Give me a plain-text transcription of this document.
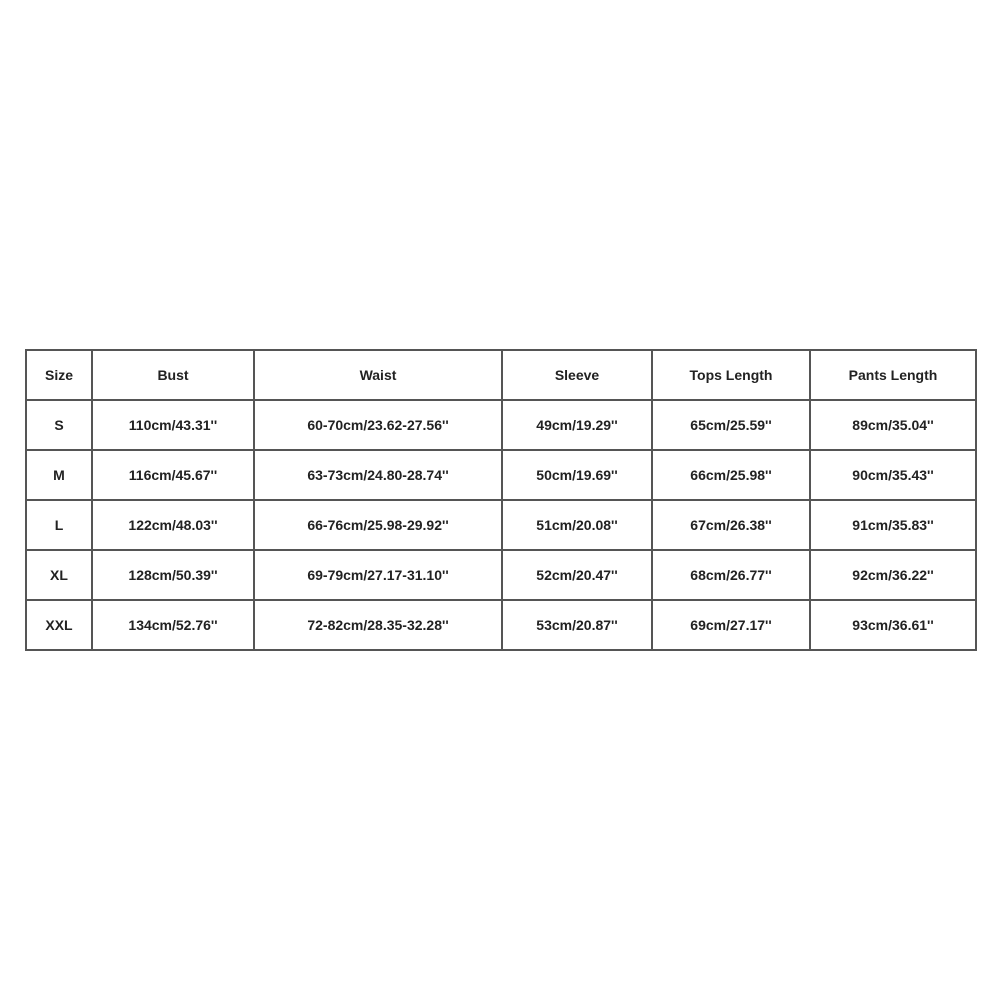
Size	Bust	Waist	Sleeve	Tops Length	Pants Length
S	110cm/43.31''	60-70cm/23.62-27.56''	49cm/19.29''	65cm/25.59''	89cm/35.04''
M	116cm/45.67''	63-73cm/24.80-28.74''	50cm/19.69''	66cm/25.98''	90cm/35.43''
L	122cm/48.03''	66-76cm/25.98-29.92''	51cm/20.08''	67cm/26.38''	91cm/35.83''
XL	128cm/50.39''	69-79cm/27.17-31.10''	52cm/20.47''	68cm/26.77''	92cm/36.22''
XXL	134cm/52.76''	72-82cm/28.35-32.28''	53cm/20.87''	69cm/27.17''	93cm/36.61''
